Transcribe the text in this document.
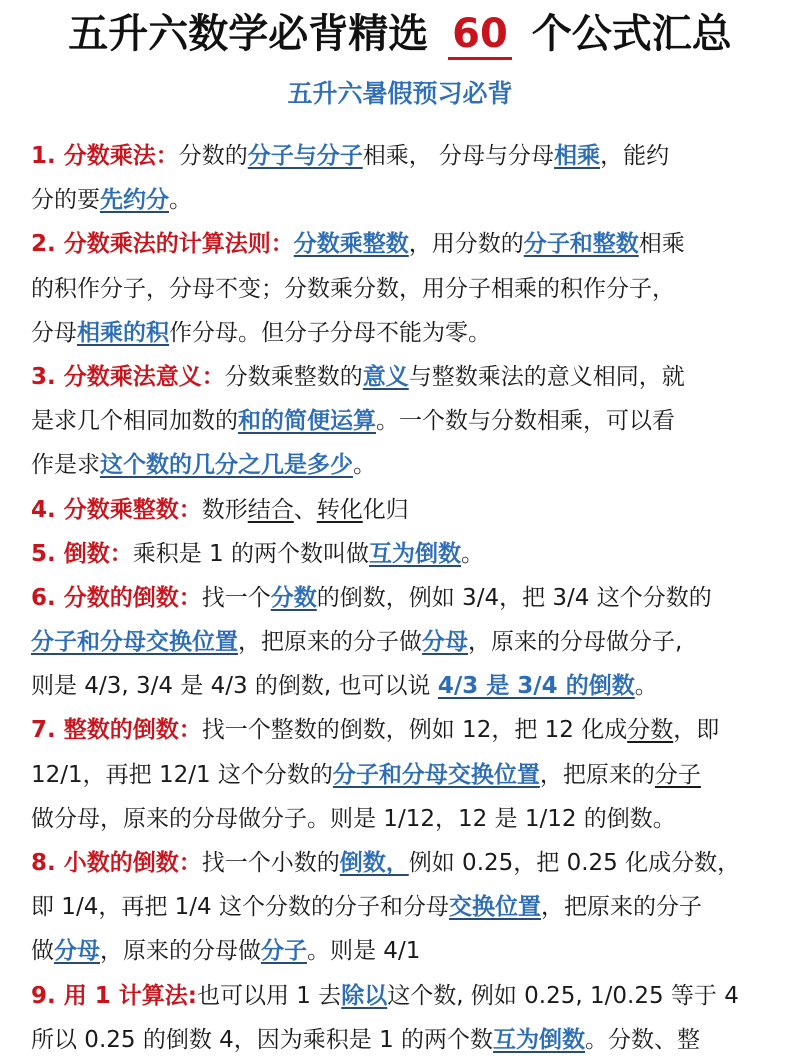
五升六数学必背精选 60 个公式汇总
五升六暑假预习必背
1. 分数乘法：分数的分子与分子相乘， 分母与分母相乘，能约
分的要先约分。
2. 分数乘法的计算法则：分数乘整数，用分数的分子和整数相乘
的积作分子，分母不变；分数乘分数，用分子相乘的积作分子，
分母相乘的积作分母。但分子分母不能为零。
3. 分数乘法意义：分数乘整数的意义与整数乘法的意义相同，就
是求几个相同加数的和的简便运算。一个数与分数相乘，可以看
作是求这个数的几分之几是多少。
4. 分数乘整数：数形结合、转化化归
5. 倒数：乘积是 1 的两个数叫做互为倒数。
6. 分数的倒数：找一个分数的倒数，例如 3/4，把 3/4 这个分数的
分子和分母交换位置，把原来的分子做分母，原来的分母做分子,
则是 4/3, 3/4 是 4/3 的倒数, 也可以说 4/3 是 3/4 的倒数。
7. 整数的倒数：找一个整数的倒数，例如 12，把 12 化成分数，即
12/1，再把 12/1 这个分数的分子和分母交换位置，把原来的分子
做分母，原来的分母做分子。则是 1/12，12 是 1/12 的倒数。
8. 小数的倒数：找一个小数的倒数，例如 0.25，把 0.25 化成分数，
即 1/4，再把 1/4 这个分数的分子和分母交换位置，把原来的分子
做分母，原来的分母做分子。则是 4/1
9. 用 1 计算法:也可以用 1 去除以这个数, 例如 0.25, 1/0.25 等于 4
所以 0.25 的倒数 4，因为乘积是 1 的两个数互为倒数。分数、整
